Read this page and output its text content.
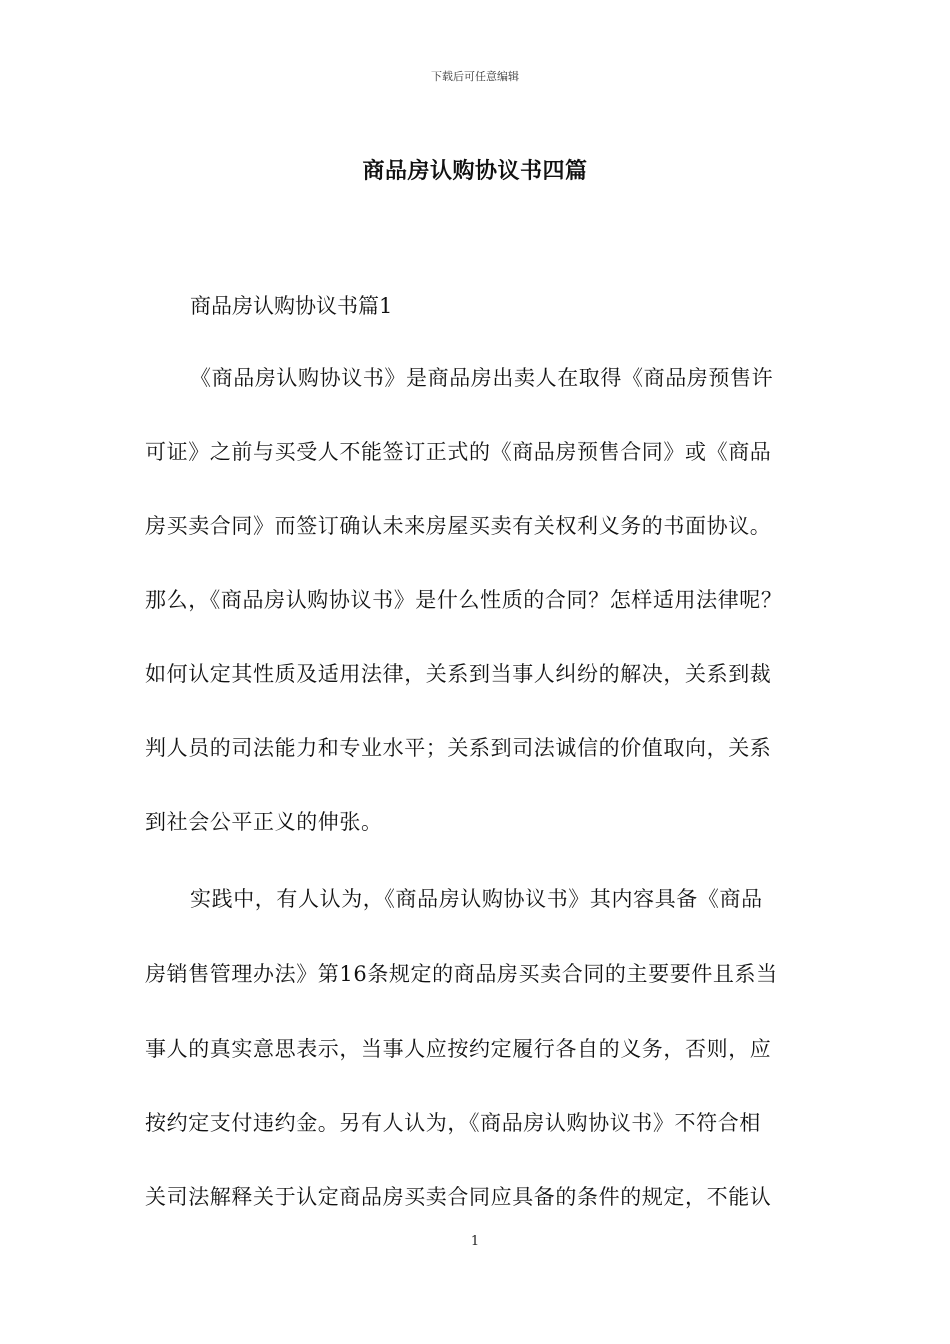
下载后可任意编辑
商品房认购协议书四篇
商品房认购协议书篇1
《商品房认购协议书》是商品房出卖人在取得《商品房预售许
可证》之前与买受人不能签订正式的《商品房预售合同》或《商品
房买卖合同》而签订确认未来房屋买卖有关权利义务的书面协议。
那么，《商品房认购协议书》是什么性质的合同？怎样适用法律呢？
如何认定其性质及适用法律，关系到当事人纠纷的解决，关系到裁
判人员的司法能力和专业水平；关系到司法诚信的价值取向，关系
到社会公平正义的伸张。
实践中，有人认为，《商品房认购协议书》其内容具备《商品
房销售管理办法》第16条规定的商品房买卖合同的主要要件且系当
事人的真实意思表示，当事人应按约定履行各自的义务，否则，应
按约定支付违约金。另有人认为，《商品房认购协议书》不符合相
关司法解释关于认定商品房买卖合同应具备的条件的规定，不能认
1
